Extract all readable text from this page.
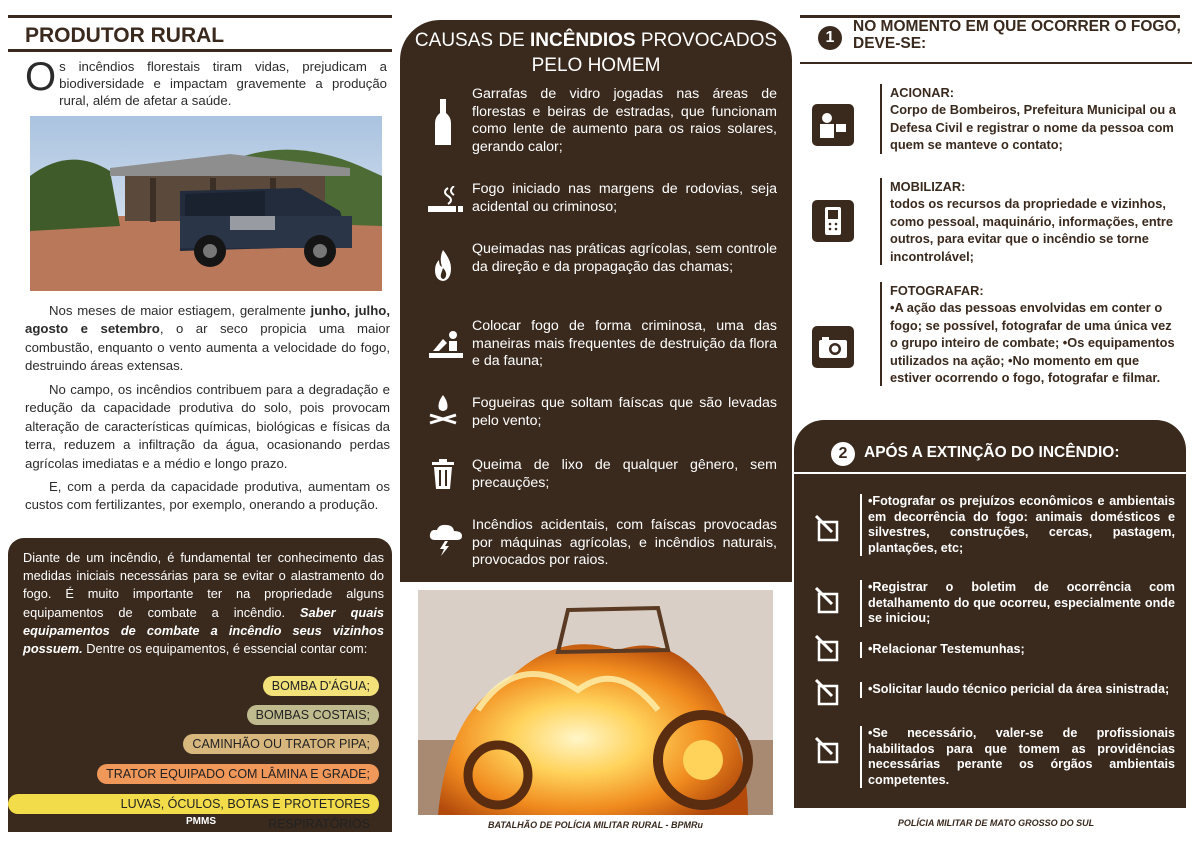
PRODUTOR RURAL
O s incêndios florestais tiram vidas, prejudicam a biodiversidade e impactam gravemente a produção rural, além de afetar a saúde.

Nos meses de maior estiagem, geralmente junho, julho, agosto e setembro, o ar seco propicia uma maior combustão, enquanto o vento aumenta a velocidade do fogo, destruindo áreas extensas.

No campo, os incêndios contribuem para a degradação e redução da capacidade produtiva do solo, pois provocam alteração de características químicas, biológicas e físicas da terra, reduzem a infiltração da água, ocasionando perdas agrícolas imediatas e a médio e longo prazo.

E, com a perda da capacidade produtiva, aumentam os custos com fertilizantes, por exemplo, onerando a produção.

Diante de um incêndio, é fundamental ter conhecimento das medidas iniciais necessárias para se evitar o alastramento do fogo. É muito importante ter na propriedade alguns equipamentos de combate a incêndio. Saber quais equipamentos de combate a incêndio seus vizinhos possuem. Dentre os equipamentos, é essencial contar com:

BOMBA D'ÁGUA;
BOMBAS COSTAIS;
CAMINHÃO OU TRATOR PIPA;
TRATOR EQUIPADO COM LÂMINA E GRADE;
LUVAS, ÓCULOS, BOTAS E PROTETORES RESPIRATÓRIOS
PMMS
CAUSAS DE INCÊNDIOS PROVOCADOS
PELO HOMEM
Garrafas de vidro jogadas nas áreas de florestas e beiras de estradas, que funcionam como lente de aumento para os raios solares, gerando calor;
Fogo iniciado nas margens de rodovias, seja acidental ou criminoso;
Queimadas nas práticas agrícolas, sem controle da direção e da propagação das chamas;
Colocar fogo de forma criminosa, uma das maneiras mais frequentes de destruição da flora e da fauna;
Fogueiras que soltam faíscas que são levadas pelo vento;
Queima de lixo de qualquer gênero, sem precauções;
Incêndios acidentais, com faíscas provocadas por máquinas agrícolas, e incêndios naturais, provocados por raios.
BATALHÃO DE POLÍCIA MILITAR RURAL - BPMRu
1
NO MOMENTO EM QUE OCORRER O FOGO, DEVE-SE:
ACIONAR:
Corpo de Bombeiros, Prefeitura Municipal ou a Defesa Civil e registrar o nome da pessoa com quem se manteve o contato;
MOBILIZAR:
todos os recursos da propriedade e vizinhos, como pessoal, maquinário, informações, entre outros, para evitar que o incêndio se torne incontrolável;
FOTOGRAFAR:
•A ação das pessoas envolvidas em conter o fogo; se possível, fotografar de uma única vez o grupo inteiro de combate; •Os equipamentos utilizados na ação; •No momento em que estiver ocorrendo o fogo, fotografar e filmar.
2	APÓS A EXTINÇÃO DO INCÊNDIO:
•Fotografar os prejuízos econômicos e ambientais em decorrência do fogo: animais domésticos e silvestres, construções, cercas, pastagem, plantações, etc;
•Registrar o boletim de ocorrência com detalhamento do que ocorreu, especialmente onde se iniciou;
•Relacionar Testemunhas;
•Solicitar laudo técnico pericial da área sinistrada;
•Se necessário, valer-se de profissionais habilitados para que tomem as providências necessárias perante os órgãos ambientais competentes.
POLÍCIA MILITAR DE MATO GROSSO DO SUL
